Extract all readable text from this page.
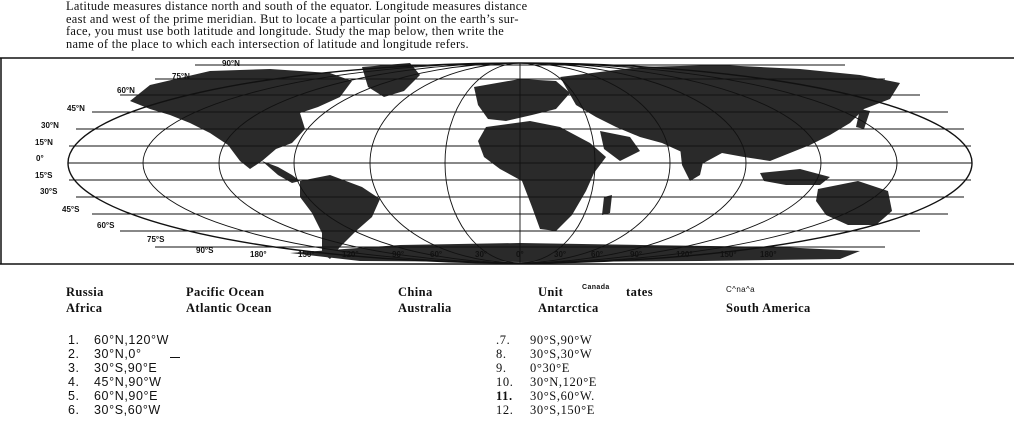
Latitude measures distance north and south of the equator. Longitude measures distance
east and west of the prime meridian. But to locate a particular point on the earth’s sur-
face, you must use both latitude and longitude. Study the map below, then write the
name of the place to which each intersection of latitude and longitude refers.
90°N
75°N
60°N
45°N
30°N
15°N
0°
15°S
30°S
45°S
60°S
75°S
90°S	180°	150°	120°	90°	60°	30°	0°	30°	60°	90°	120°	150°	180°
Russia	Pacific Ocean	China	Unit	Canada tates	C^na^a
Africa	Atlantic Ocean	Australia	Antarctica	South America
1. 60°N,120°W
2. 30°N,0°
3. 30°S,90°E
4. 45°N,90°W
5. 60°N,90°E
6. 30°S,60°W
.7. 90°S,90°W
8. 30°S,30°W
9. 0°30°E
10. 30°N,120°E
11. 30°S,60°W.
12. 30°S,150°E
